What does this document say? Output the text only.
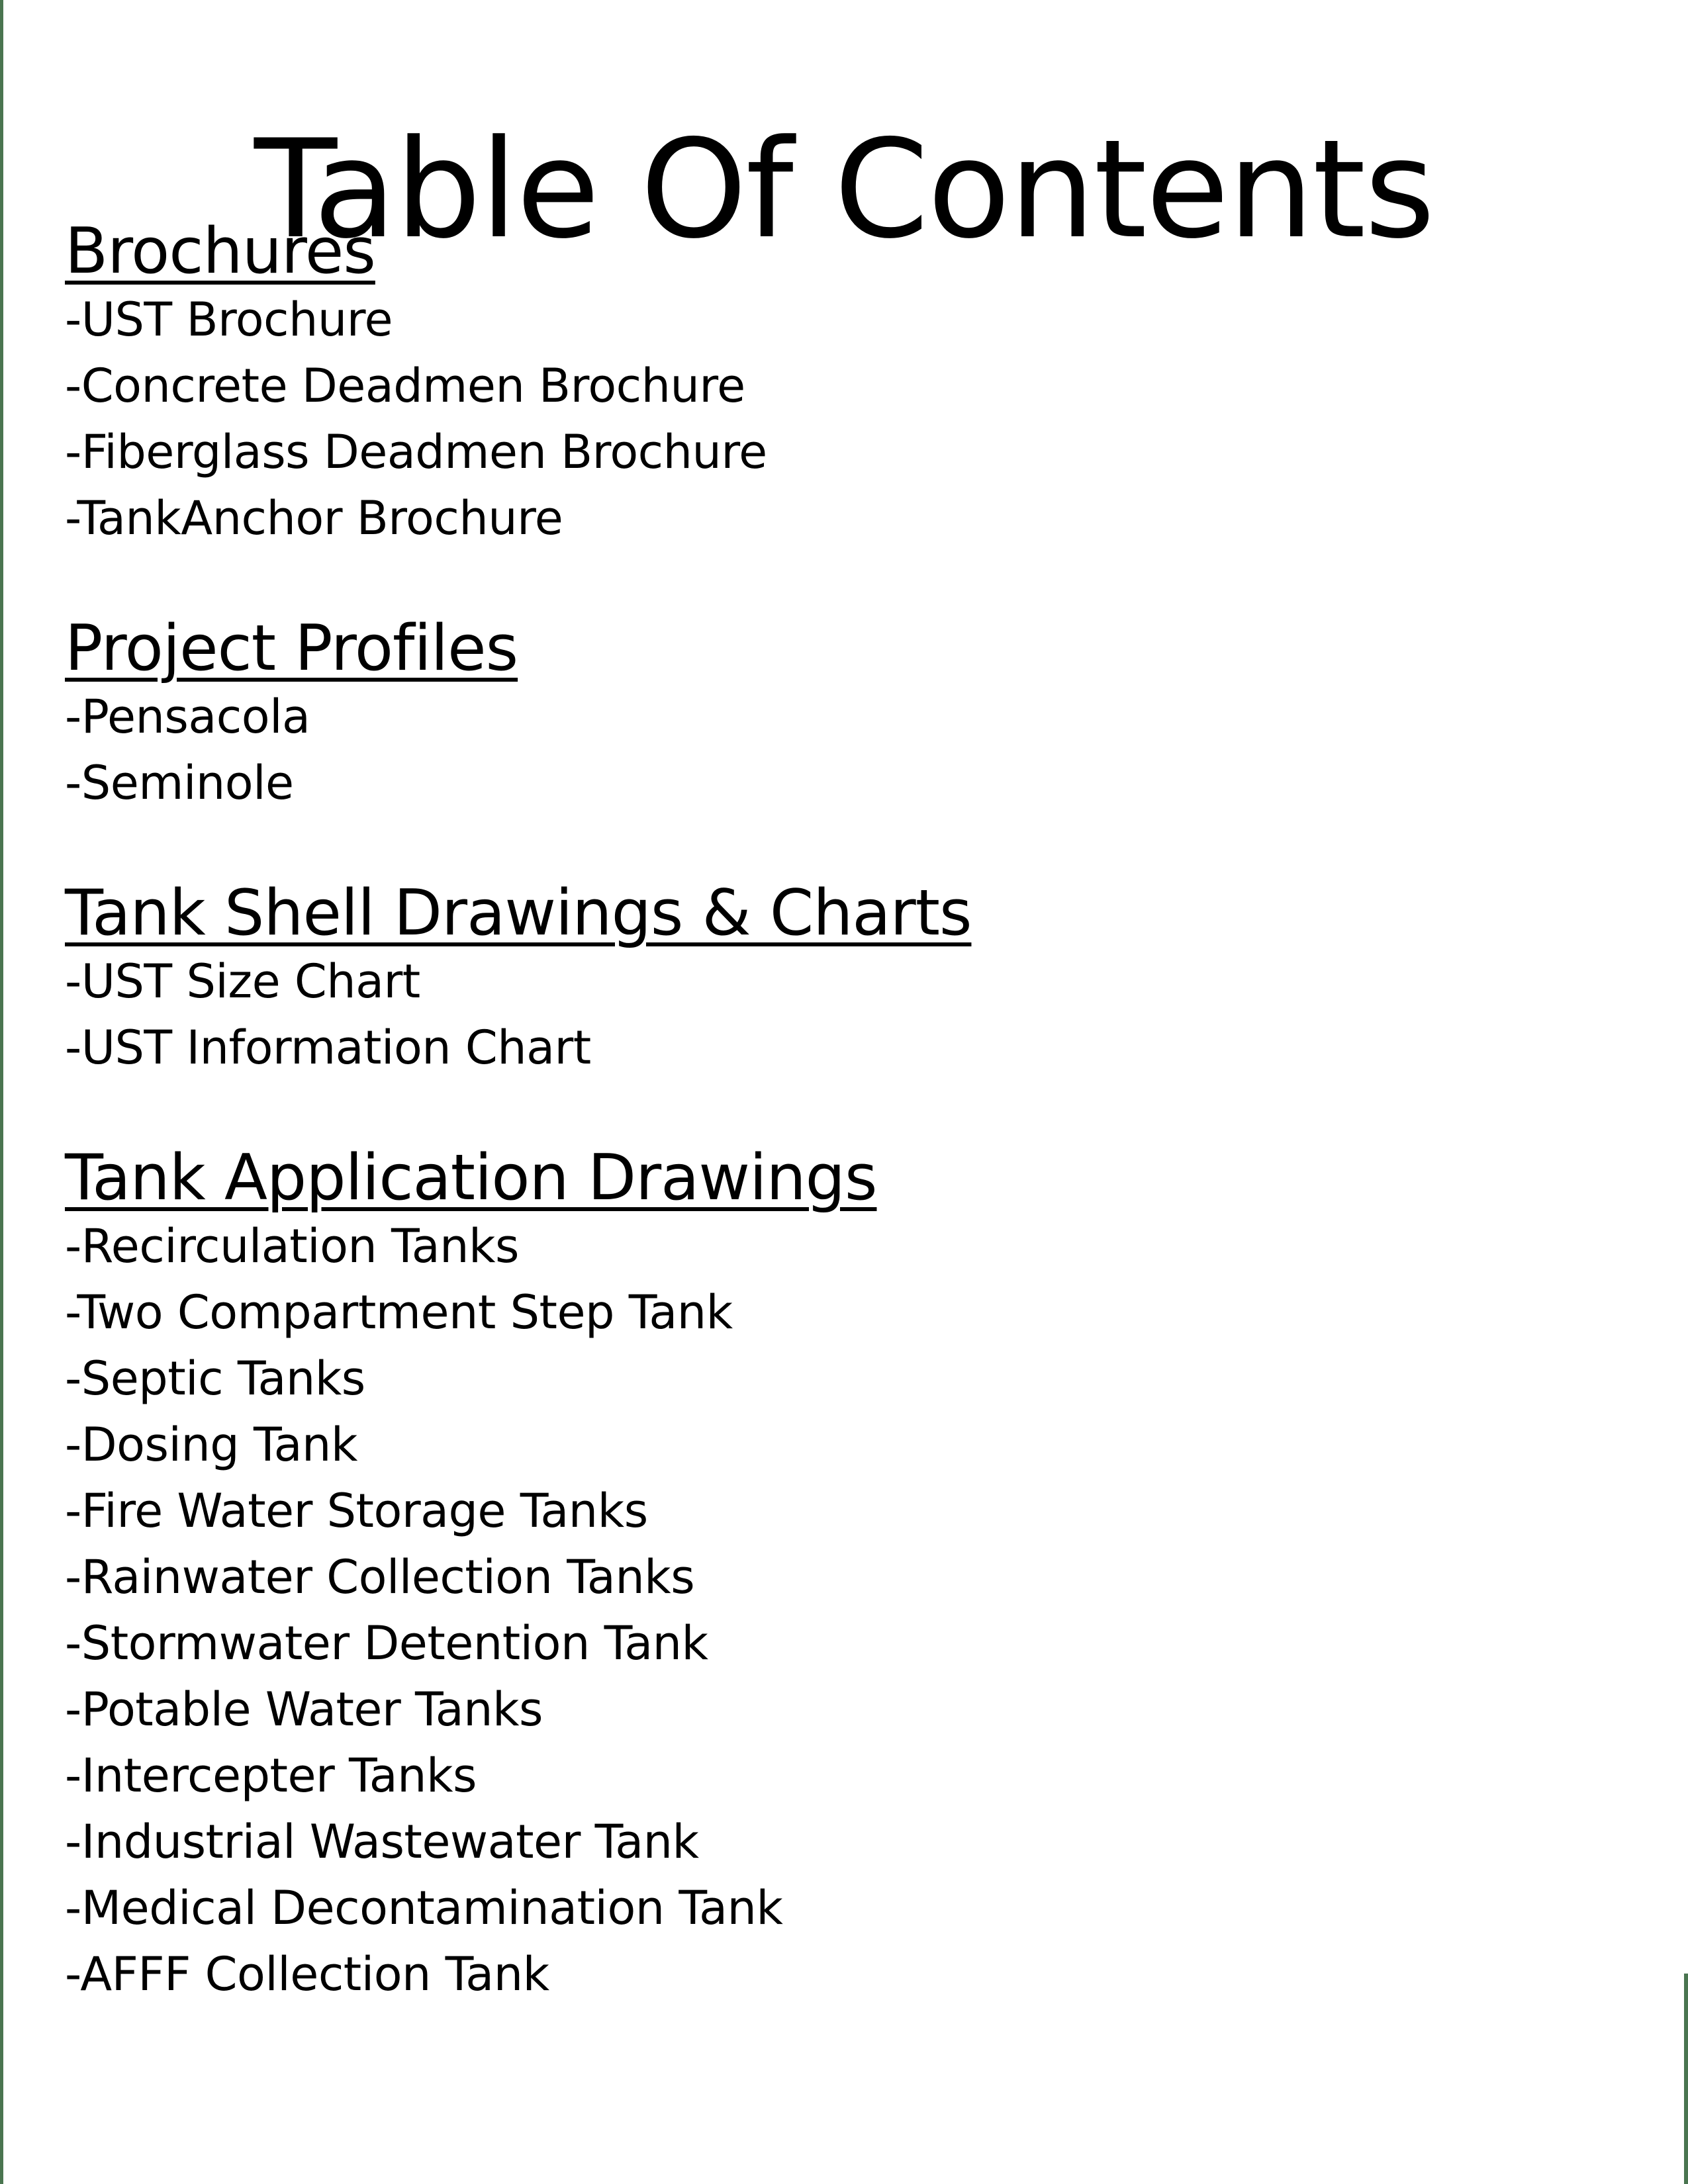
Table Of Contents

Brochures

-UST Brochure

-Concrete Deadmen Brochure

-Fiberglass Deadmen Brochure

-TankAnchor Brochure

Project Profiles

-Pensacola

-Seminole

Tank Shell Drawings & Charts

-UST Size Chart

-UST Information Chart

Tank Application Drawings

-Recirculation Tanks

-Two Compartment Step Tank

-Septic Tanks

-Dosing Tank

-Fire Water Storage Tanks

-Rainwater Collection Tanks

-Stormwater Detention Tank

-Potable Water Tanks

-Intercepter Tanks

-Industrial Wastewater Tank

-Medical Decontamination Tank

-AFFF Collection Tank
